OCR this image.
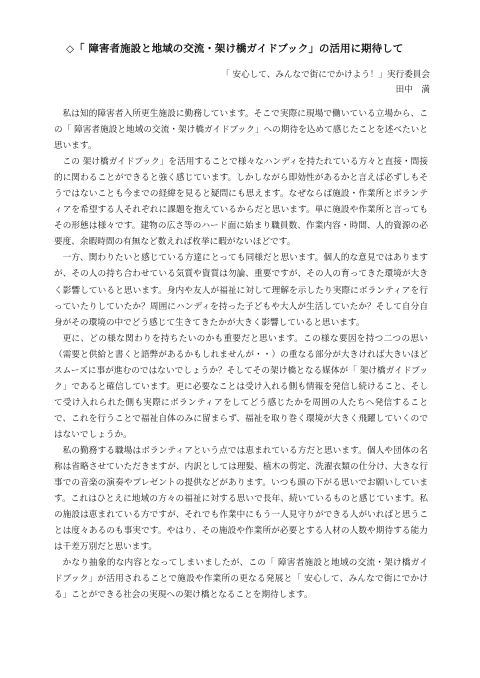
◇「 障害者施設と地域の交流・架け橋ガイドブック」の活用に期待して
「 安心して、みんなで街にでかけよう！」実行委員会
田中　満

私は知的障害者入所更生施設に勤務しています。そこで実際に現場で働いている立場から、この「 障害者施設と地域の交流・架け橋ガイドブック」への期待を込めて感じたことを述べたいと思います。

この 架け橋ガイドブック」を活用することで様々なハンディを持たれている方々と直接・間接的に関わることができると強く感じています。しかしながら即効性があるかと言えば必ずしもそうではないことも今までの経緯を見ると疑問にも思えます。なぜならば施設・作業所とボランティアを希望する人それぞれに課題を抱えているからだと思います。単に施設や作業所と言ってもその形態は様々です。建物の広さ等のハード面に始まり職員数、作業内容・時間、人的資源の必要度、余暇時間の有無など数えれば枚挙に暇がないほどです。

一方、関わりたいと感じている方達にとっても同様だと思います。個人的な意見ではありますが、その人の持ち合わせている気質や資質は勿論、重要ですが、その人の育ってきた環境が大きく影響していると思います。身内や友人が福祉に対して理解を示したり実際にボランティアを行っていたりしていたか？周囲にハンディを持った子どもや大人が生活していたか？そして自分自身がその環境の中でどう感じて生きてきたかが大きく影響していると思います。

更に、どの様な関わりを持ちたいのかも重要だと思います。この様な要因を持つ二つの思い（需要と供給と書くと語弊があるかもしれませんが・・）の重なる部分が大きければ大きいほどスムーズに事が進むのではないでしょうか？そしてその架け橋となる媒体が「 架け橋ガイドブック」であると確信しています。更に必要なことは受け入れる側も情報を発信し続けること、そして受け入れられた側も実際にボランティアをしてどう感じたかを周囲の人たちへ発信することで、これを行うことで福祉自体のみに留まらず、福祉を取り巻く環境が大きく飛躍していくのではないでしょうか。

私の勤務する職場はボランティアという点では恵まれている方だと思います。個人や団体の名称は省略させていただきますが、内訳としては理髪、植木の剪定、洗濯衣類の仕分け、大きな行事での音楽の演奏やプレゼントの提供などがあります。いつも頭の下がる思いでお願いしています。これはひとえに地域の方々の福祉に対する思いで長年、続いているものと感じています。私の施設は恵まれている方ですが、それでも作業中にもう一人見守りができる人がいればと思うことは度々あるのも事実です。やはり、その施設や作業所が必要とする人材の人数や期待する能力は千差万別だと思います。

かなり抽象的な内容となってしまいましたが、この「 障害者施設と地域の交流・架け橋ガイドブック」が活用されることで施設や作業所の更なる発展と「 安心して、みんなで街にでかける」ことができる社会の実現への架け橋となることを期待します。
